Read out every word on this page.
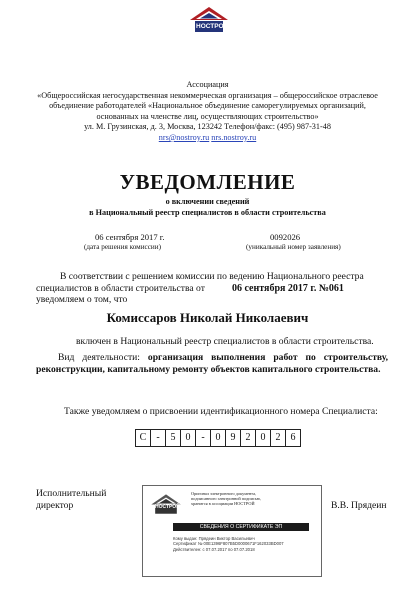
НОСТРОЙ
Ассоциация
«Общероссийская негосударственная некоммерческая организация – общероссийское отраслевое
объединение работодателей «Национальное объединение саморегулируемых организаций,
основанных на членстве лиц, осуществляющих строительство»
ул. М. Грузинская, д. 3, Москва, 123242 Телефон/факс: (495) 987-31-48
nrs@nostroy.ru nrs.nostroy.ru
УВЕДОМЛЕНИЕ
о включении сведений
в Национальный реестр специалистов в области строительства
06 сентября 2017 г.
(дата решения комиссии)
0092026
(уникальный номер заявления)
В соответствии с решением комиссии по ведению Национального реестра
специалистов в области строительства от
уведомляем о том, что
06 сентября 2017 г. №061
Комиссаров Николай Николаевич
включен в Национальный реестр специалистов в области строительства.
Вид деятельности: организация выполнения работ по строительству, реконструкции, капитальному ремонту объектов капитального строительства.
Также уведомляем о присвоении идентификационного номера Специалиста:
С	-	5	0	-	0	9	2	0	2	6
Исполнительный
директор	В.В. Прядеин
НОСТРОЙ
Оригинал электронного документа,
подписанного электронной подписью,
хранится в ассоциации НОСТРОЙ
СВЕДЕНИЯ О СЕРТИФИКАТЕ ЭП
Кому выдан: Прядеин Виктор Васильевич
Сертификат № 00E1396F807B5D0000671F162033BD007
Действителен: с 07.07.2017 по 07.07.2018
